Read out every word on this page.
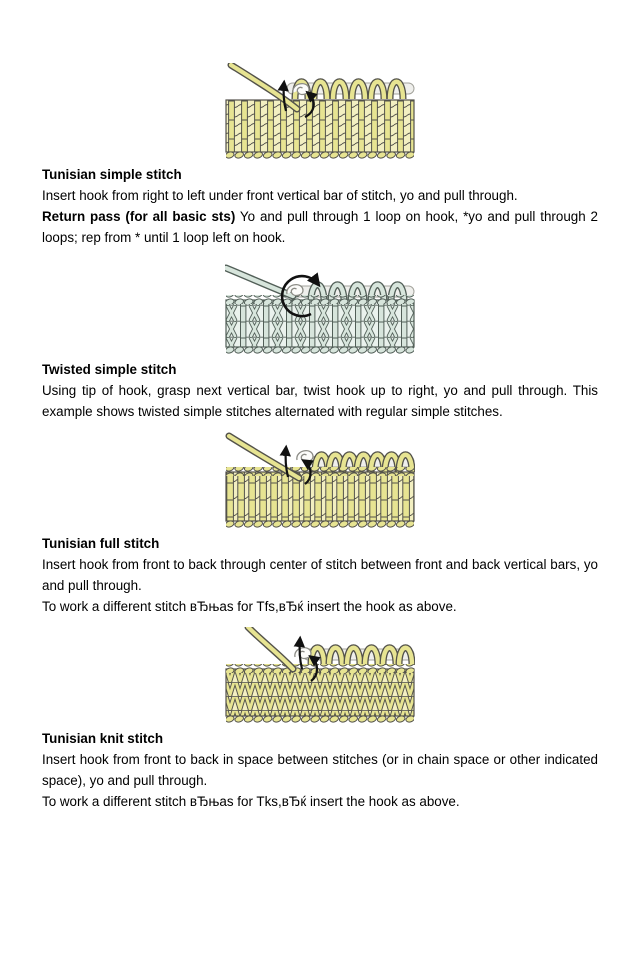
Tunisian simple stitch

Insert hook from right to left under front vertical bar of stitch, yo and pull through.

Return pass (for all basic sts) Yo and pull through 1 loop on hook, *yo and pull through 2 loops; rep from * until 1 loop left on hook.

Twisted simple stitch

Using tip of hook, grasp next vertical bar, twist hook up to right, yo and pull through. This example shows twisted simple stitches alternated with regular simple stitches.

Tunisian full stitch

Insert hook from front to back through center of stitch between front and back vertical bars, yo and pull through.

To work a different stitch вЂњas for Tfs,вЂќ insert the hook as above.

Tunisian knit stitch

Insert hook from front to back in space between stitches (or in chain space or other indicated space), yo and pull through.

To work a different stitch вЂњas for Tks,вЂќ insert the hook as above.
